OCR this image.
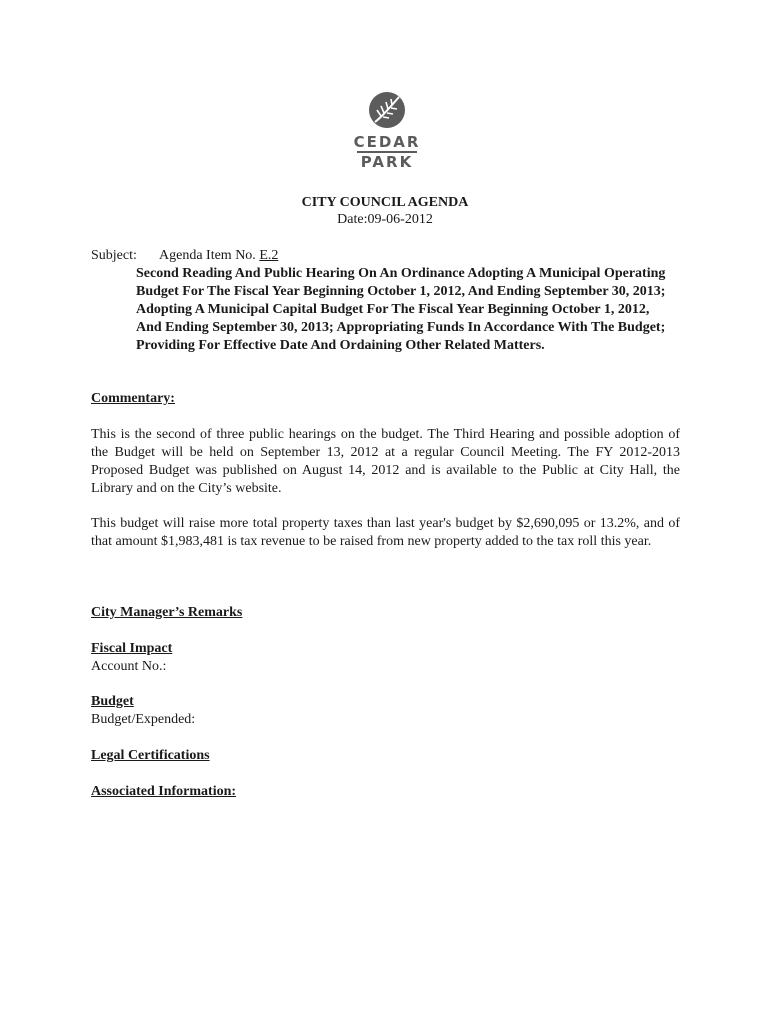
CEDAR
PARK
CITY COUNCIL AGENDA
Date:09-06-2012
Subject: Agenda Item No. E.2
Second Reading And Public Hearing On An Ordinance Adopting A Municipal Operating Budget For The Fiscal Year Beginning October 1, 2012, And Ending September 30, 2013; Adopting A Municipal Capital Budget For The Fiscal Year Beginning October 1, 2012, And Ending September 30, 2013; Appropriating Funds In Accordance With The Budget; Providing For Effective Date And Ordaining Other Related Matters.
Commentary:
This is the second of three public hearings on the budget. The Third Hearing and possible adoption of the Budget will be held on September 13, 2012 at a regular Council Meeting. The FY 2012-2013 Proposed Budget was published on August 14, 2012 and is available to the Public at City Hall, the Library and on the City’s website.
This budget will raise more total property taxes than last year's budget by $2,690,095 or 13.2%, and of that amount $1,983,481 is tax revenue to be raised from new property added to the tax roll this year.
City Manager’s Remarks
Fiscal Impact
Account No.:
Budget
Budget/Expended:
Legal Certifications
Associated Information:
